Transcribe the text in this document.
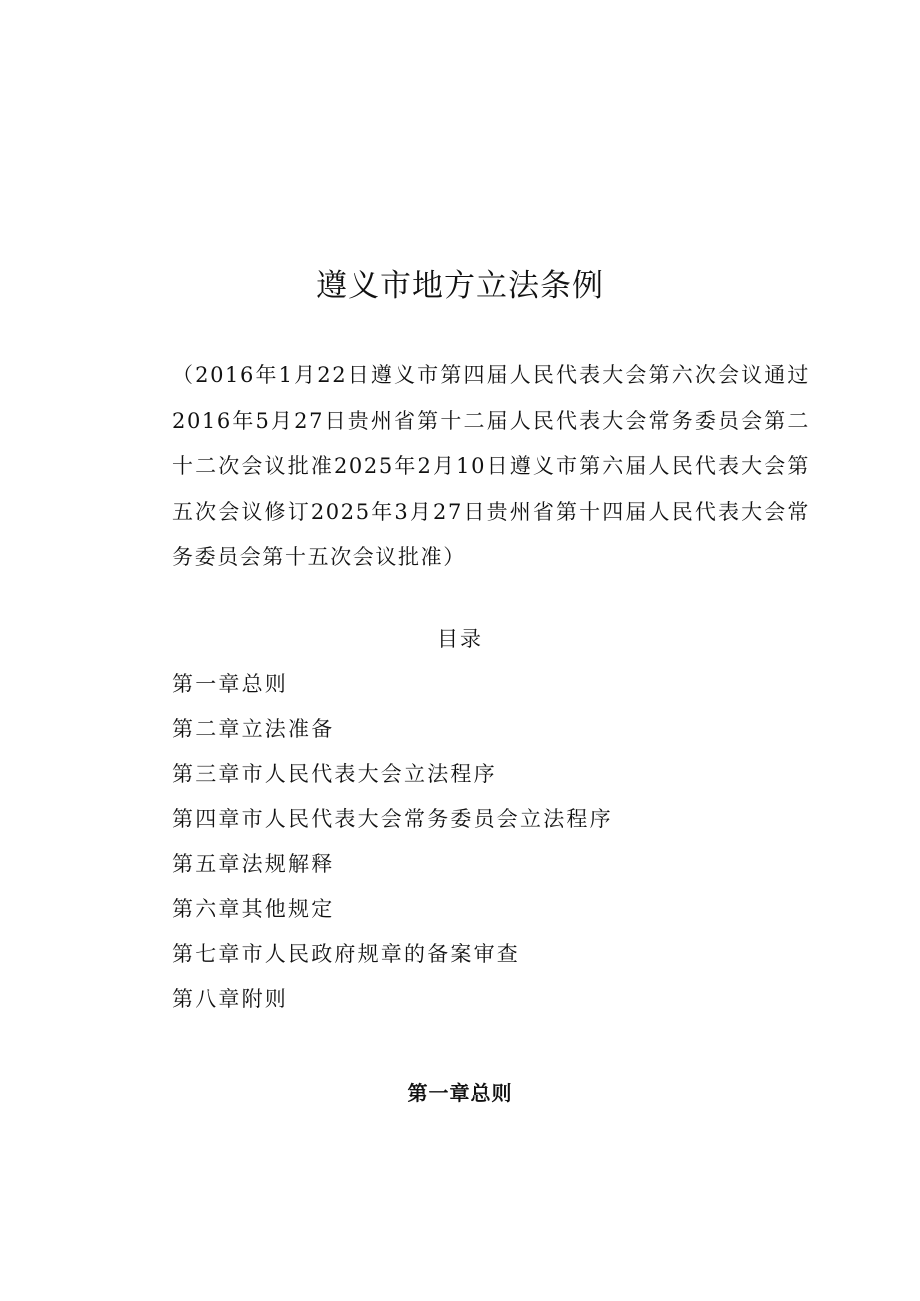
遵义市地方立法条例
（2016年1月22日遵义市第四届人民代表大会第六次会议通过2016年5月27日贵州省第十二届人民代表大会常务委员会第二十二次会议批准2025年2月10日遵义市第六届人民代表大会第五次会议修订2025年3月27日贵州省第十四届人民代表大会常务委员会第十五次会议批准）
目录
第一章总则
第二章立法准备
第三章市人民代表大会立法程序
第四章市人民代表大会常务委员会立法程序
第五章法规解释
第六章其他规定
第七章市人民政府规章的备案审查
第八章附则
第一章总则
